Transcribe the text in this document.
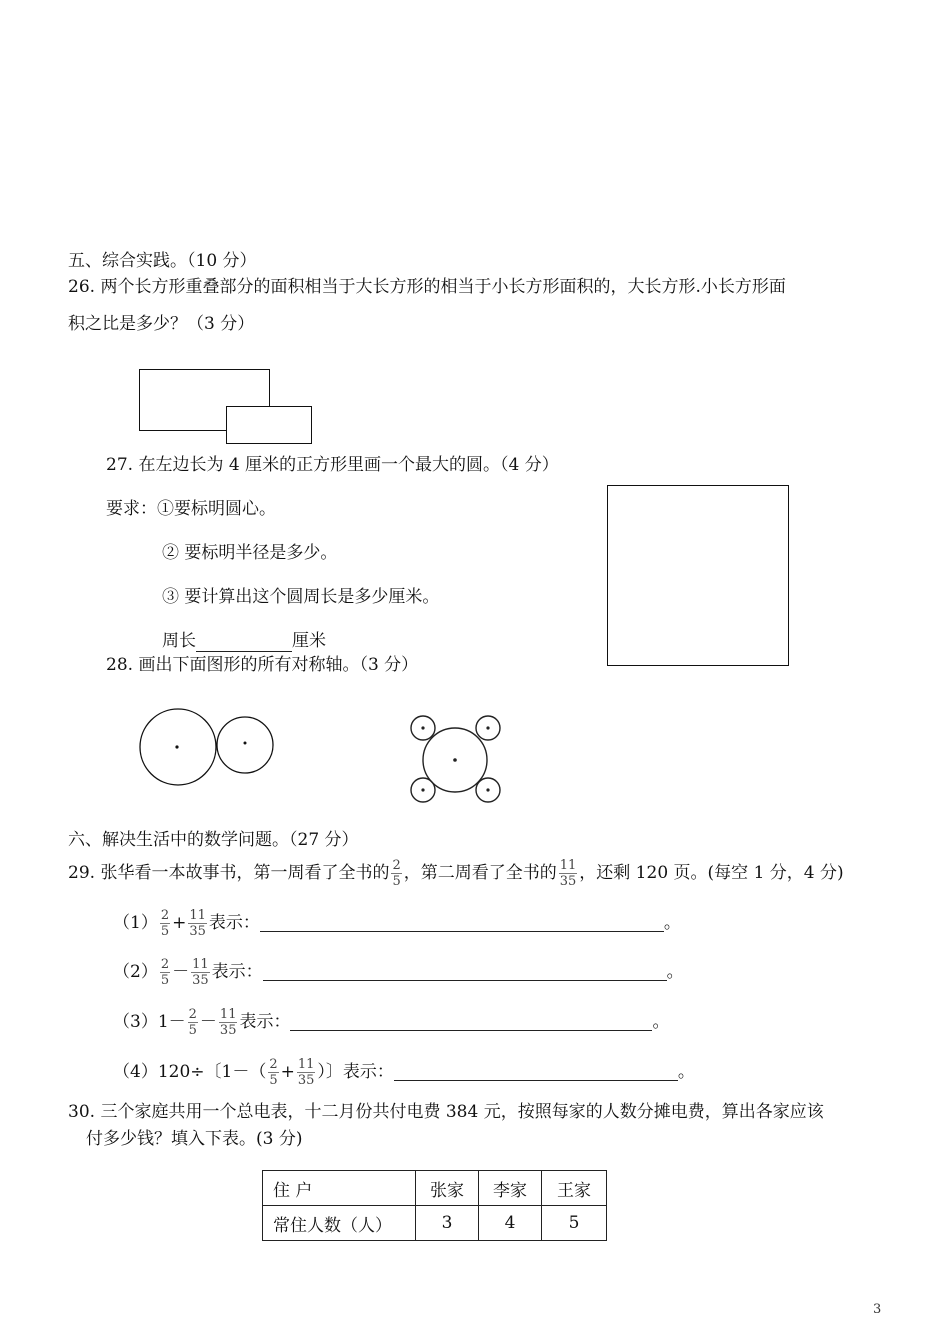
五、综合实践。（10 分）
26. 两个长方形重叠部分的面积相当于大长方形的相当于小长方形面积的，大长方形.小长方形面
积之比是多少？（3 分）
27. 在左边长为 4 厘米的正方形里画一个最大的圆。（4 分）
要求：①要标明圆心。
② 要标明半径是多少。
③ 要计算出这个圆周长是多少厘米。
周长	厘米
28. 画出下面图形的所有对称轴。（3 分）
六、解决生活中的数学问题。（27 分）
29. 张华看一本故事书，第一周看了全书的 $\frac{2}{5}$ ，第二周看了全书的 $\frac{11}{35}$ ，还剩 120 页。(每空 1 分，4 分)
$(1) \frac{2}{5} + \frac{11}{35}$ 表示：	。
$(2) \frac{2}{5} - \frac{11}{35}$ 表示：	。
$(3)1- \frac{2}{5} - \frac{11}{35}$ 表示：	。
（4）120÷〔$1-( \frac{2}{5} + \frac{11}{35}$ ）〕表示：	。
30. 三个家庭共用一个总电表，十二月份共付电费 384 元，按照每家的人数分摊电费，算出各家应该
付多少钱？填入下表。(3 分)
住 户	张家	李家	王家
常住人数（人）	3	4	5
3
